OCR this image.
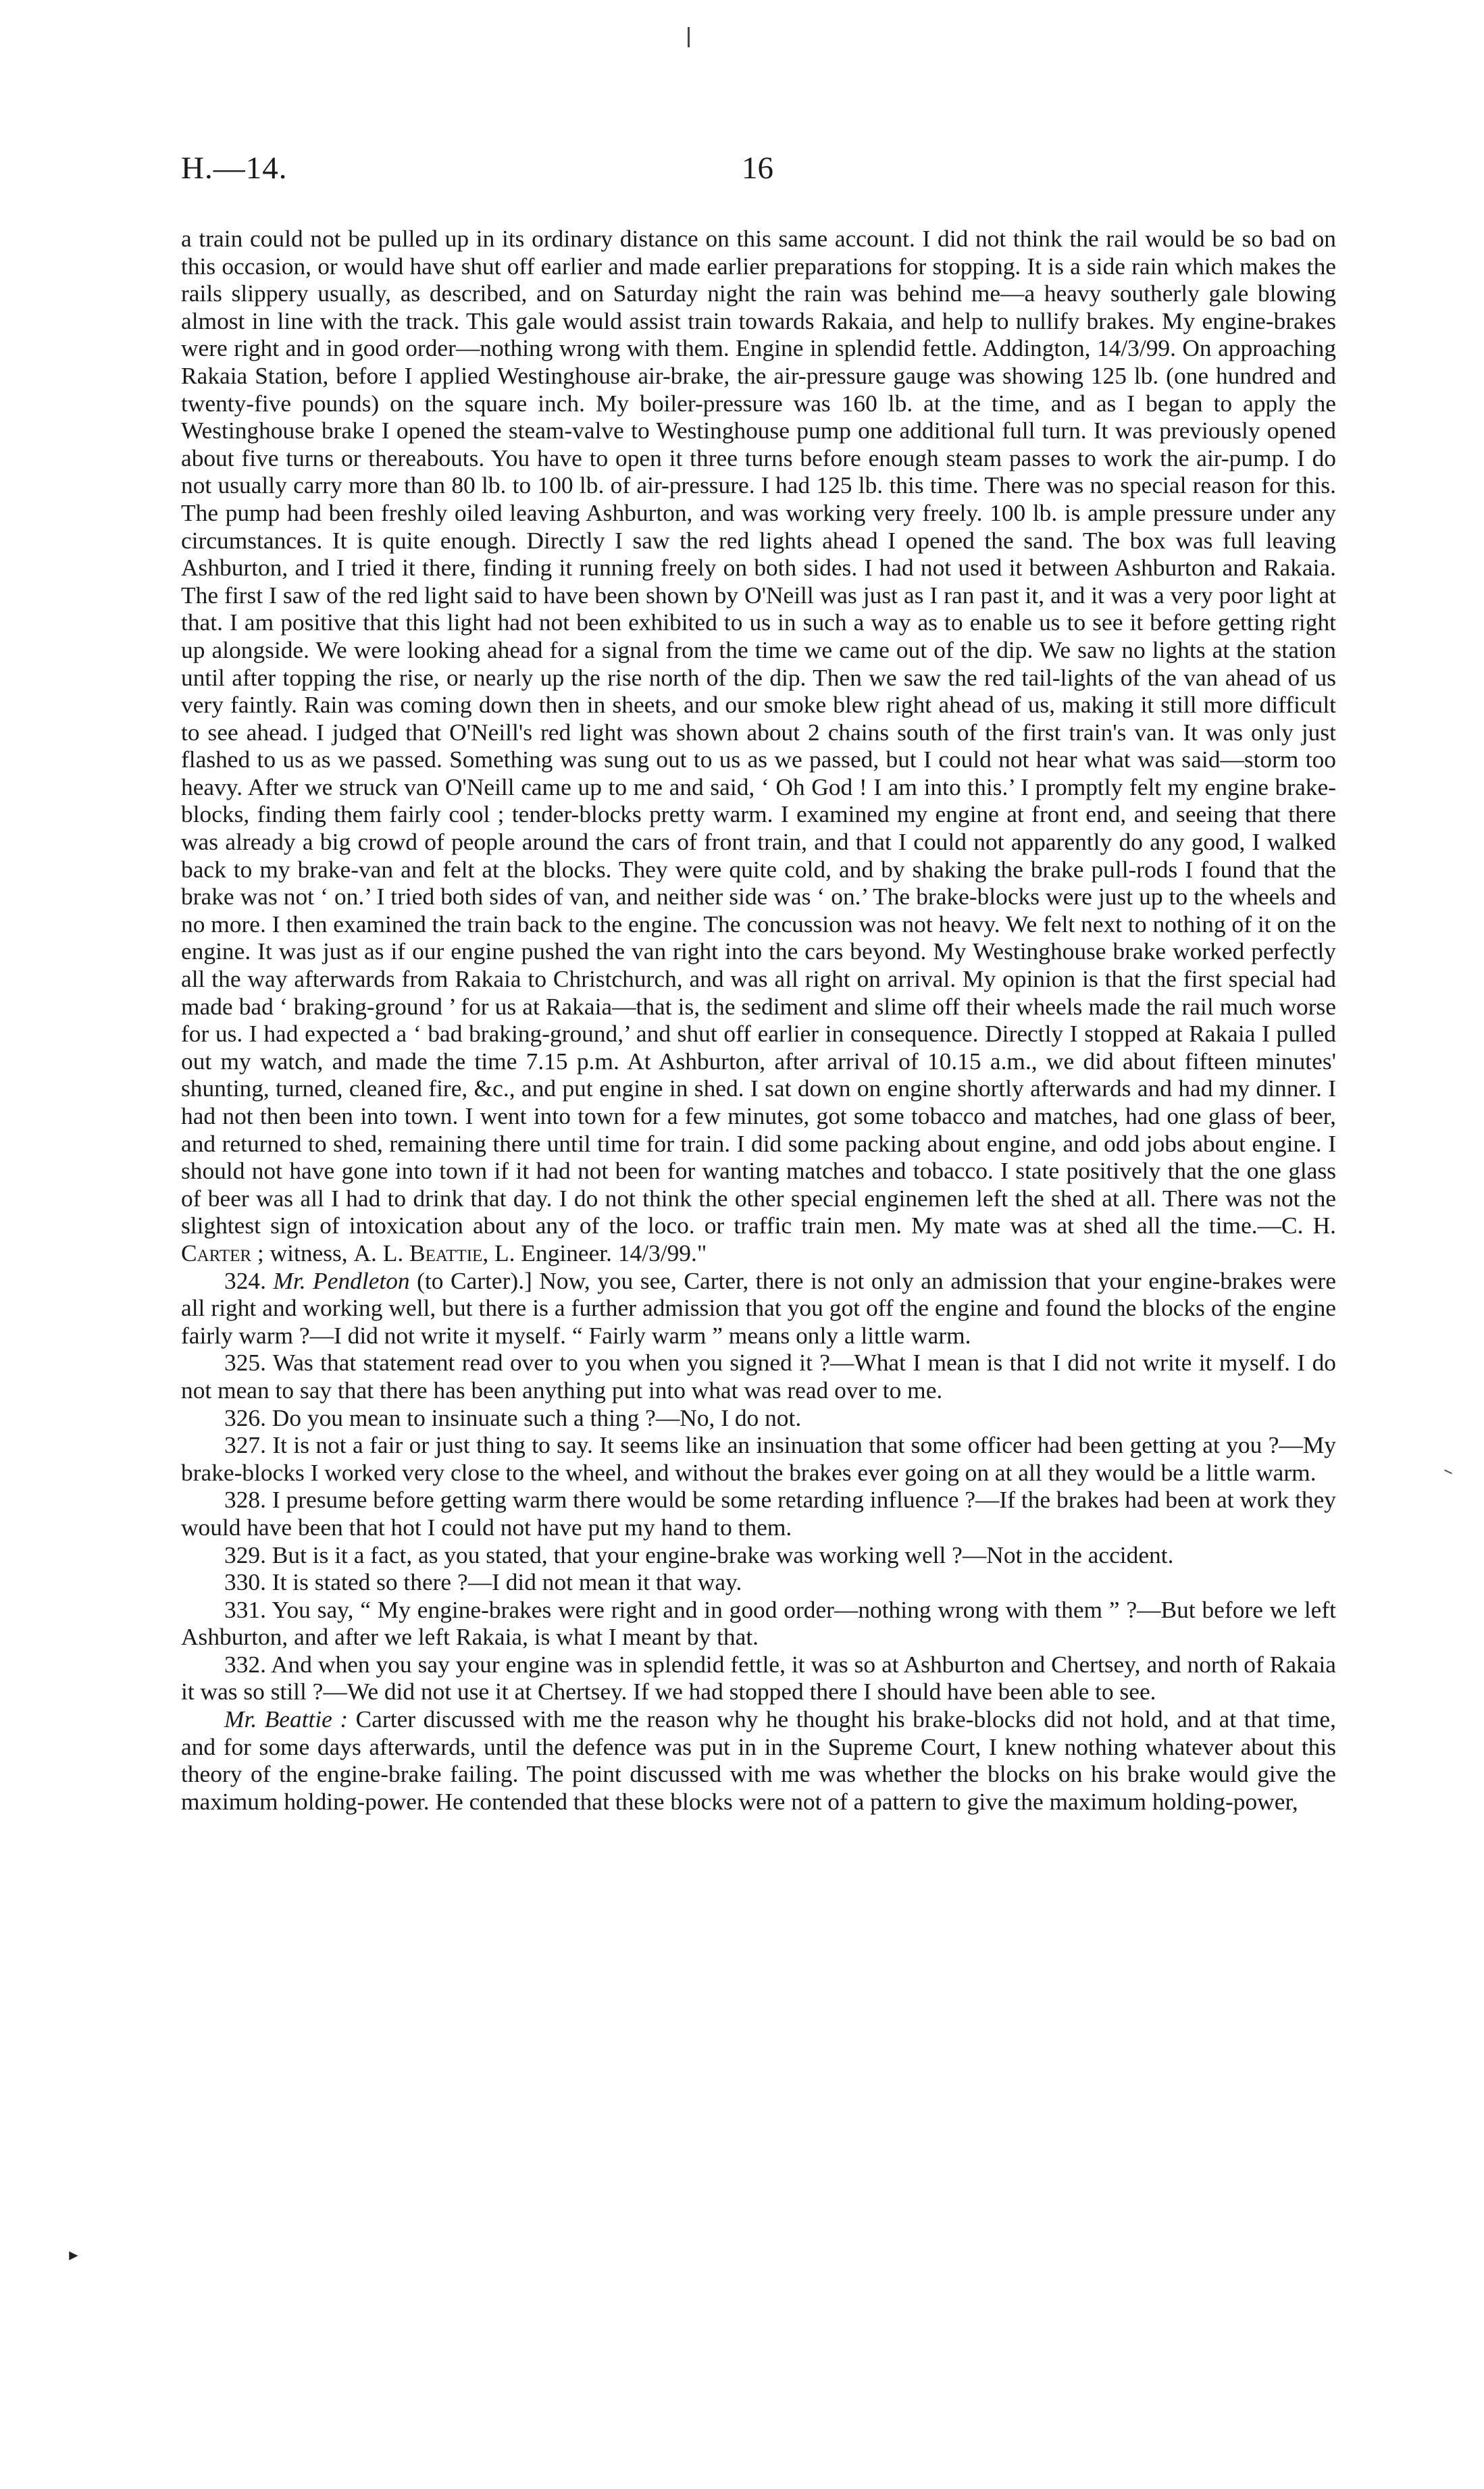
H.—14.	16

a train could not be pulled up in its ordinary distance on this same account. I did not think the rail would be so bad on this occasion, or would have shut off earlier and made earlier preparations for stopping. It is a side rain which makes the rails slippery usually, as described, and on Saturday night the rain was behind me—a heavy southerly gale blowing almost in line with the track. This gale would assist train towards Rakaia, and help to nullify brakes. My engine-brakes were right and in good order—nothing wrong with them. Engine in splendid fettle. Addington, 14/3/99. On approaching Rakaia Station, before I applied Westinghouse air-brake, the air-pressure gauge was showing 125 lb. (one hundred and twenty-five pounds) on the square inch. My boiler-pressure was 160 lb. at the time, and as I began to apply the Westinghouse brake I opened the steam-valve to Westinghouse pump one additional full turn. It was previously opened about five turns or thereabouts. You have to open it three turns before enough steam passes to work the air-pump. I do not usually carry more than 80 lb. to 100 lb. of air-pressure. I had 125 lb. this time. There was no special reason for this. The pump had been freshly oiled leaving Ashburton, and was working very freely. 100 lb. is ample pressure under any circumstances. It is quite enough. Directly I saw the red lights ahead I opened the sand. The box was full leaving Ashburton, and I tried it there, finding it running freely on both sides. I had not used it between Ashburton and Rakaia. The first I saw of the red light said to have been shown by O'Neill was just as I ran past it, and it was a very poor light at that. I am positive that this light had not been exhibited to us in such a way as to enable us to see it before getting right up alongside. We were looking ahead for a signal from the time we came out of the dip. We saw no lights at the station until after topping the rise, or nearly up the rise north of the dip. Then we saw the red tail-lights of the van ahead of us very faintly. Rain was coming down then in sheets, and our smoke blew right ahead of us, making it still more difficult to see ahead. I judged that O'Neill's red light was shown about 2 chains south of the first train's van. It was only just flashed to us as we passed. Something was sung out to us as we passed, but I could not hear what was said—storm too heavy. After we struck van O'Neill came up to me and said, ‘ Oh God ! I am into this.’ I promptly felt my engine brake-blocks, finding them fairly cool ; tender-blocks pretty warm. I examined my engine at front end, and seeing that there was already a big crowd of people around the cars of front train, and that I could not apparently do any good, I walked back to my brake-van and felt at the blocks. They were quite cold, and by shaking the brake pull-rods I found that the brake was not ‘ on.’ I tried both sides of van, and neither side was ‘ on.’ The brake-blocks were just up to the wheels and no more. I then examined the train back to the engine. The concussion was not heavy. We felt next to nothing of it on the engine. It was just as if our engine pushed the van right into the cars beyond. My Westinghouse brake worked perfectly all the way afterwards from Rakaia to Christchurch, and was all right on arrival. My opinion is that the first special had made bad ‘ braking-ground ’ for us at Rakaia—that is, the sediment and slime off their wheels made the rail much worse for us. I had expected a ‘ bad braking-ground,’ and shut off earlier in consequence. Directly I stopped at Rakaia I pulled out my watch, and made the time 7.15 p.m. At Ashburton, after arrival of 10.15 a.m., we did about fifteen minutes' shunting, turned, cleaned fire, &c., and put engine in shed. I sat down on engine shortly afterwards and had my dinner. I had not then been into town. I went into town for a few minutes, got some tobacco and matches, had one glass of beer, and returned to shed, remaining there until time for train. I did some packing about engine, and odd jobs about engine. I should not have gone into town if it had not been for wanting matches and tobacco. I state positively that the one glass of beer was all I had to drink that day. I do not think the other special enginemen left the shed at all. There was not the slightest sign of intoxication about any of the loco. or traffic train men. My mate was at shed all the time.—C. H. Carter ; witness, A. L. Beattie, L. Engineer. 14/3/99."

324. Mr. Pendleton (to Carter).] Now, you see, Carter, there is not only an admission that your engine-brakes were all right and working well, but there is a further admission that you got off the engine and found the blocks of the engine fairly warm ?—I did not write it myself. “ Fairly warm ” means only a little warm.

325. Was that statement read over to you when you signed it ?—What I mean is that I did not write it myself. I do not mean to say that there has been anything put into what was read over to me.

326. Do you mean to insinuate such a thing ?—No, I do not.

327. It is not a fair or just thing to say. It seems like an insinuation that some officer had been getting at you ?—My brake-blocks I worked very close to the wheel, and without the brakes ever going on at all they would be a little warm.

328. I presume before getting warm there would be some retarding influence ?—If the brakes had been at work they would have been that hot I could not have put my hand to them.

329. But is it a fact, as you stated, that your engine-brake was working well ?—Not in the accident.

330. It is stated so there ?—I did not mean it that way.

331. You say, “ My engine-brakes were right and in good order—nothing wrong with them ” ?—But before we left Ashburton, and after we left Rakaia, is what I meant by that.

332. And when you say your engine was in splendid fettle, it was so at Ashburton and Chertsey, and north of Rakaia it was so still ?—We did not use it at Chertsey. If we had stopped there I should have been able to see.

Mr. Beattie : Carter discussed with me the reason why he thought his brake-blocks did not hold, and at that time, and for some days afterwards, until the defence was put in in the Supreme Court, I knew nothing whatever about this theory of the engine-brake failing. The point discussed with me was whether the blocks on his brake would give the maximum holding-power. He contended that these blocks were not of a pattern to give the maximum holding-power,

►
